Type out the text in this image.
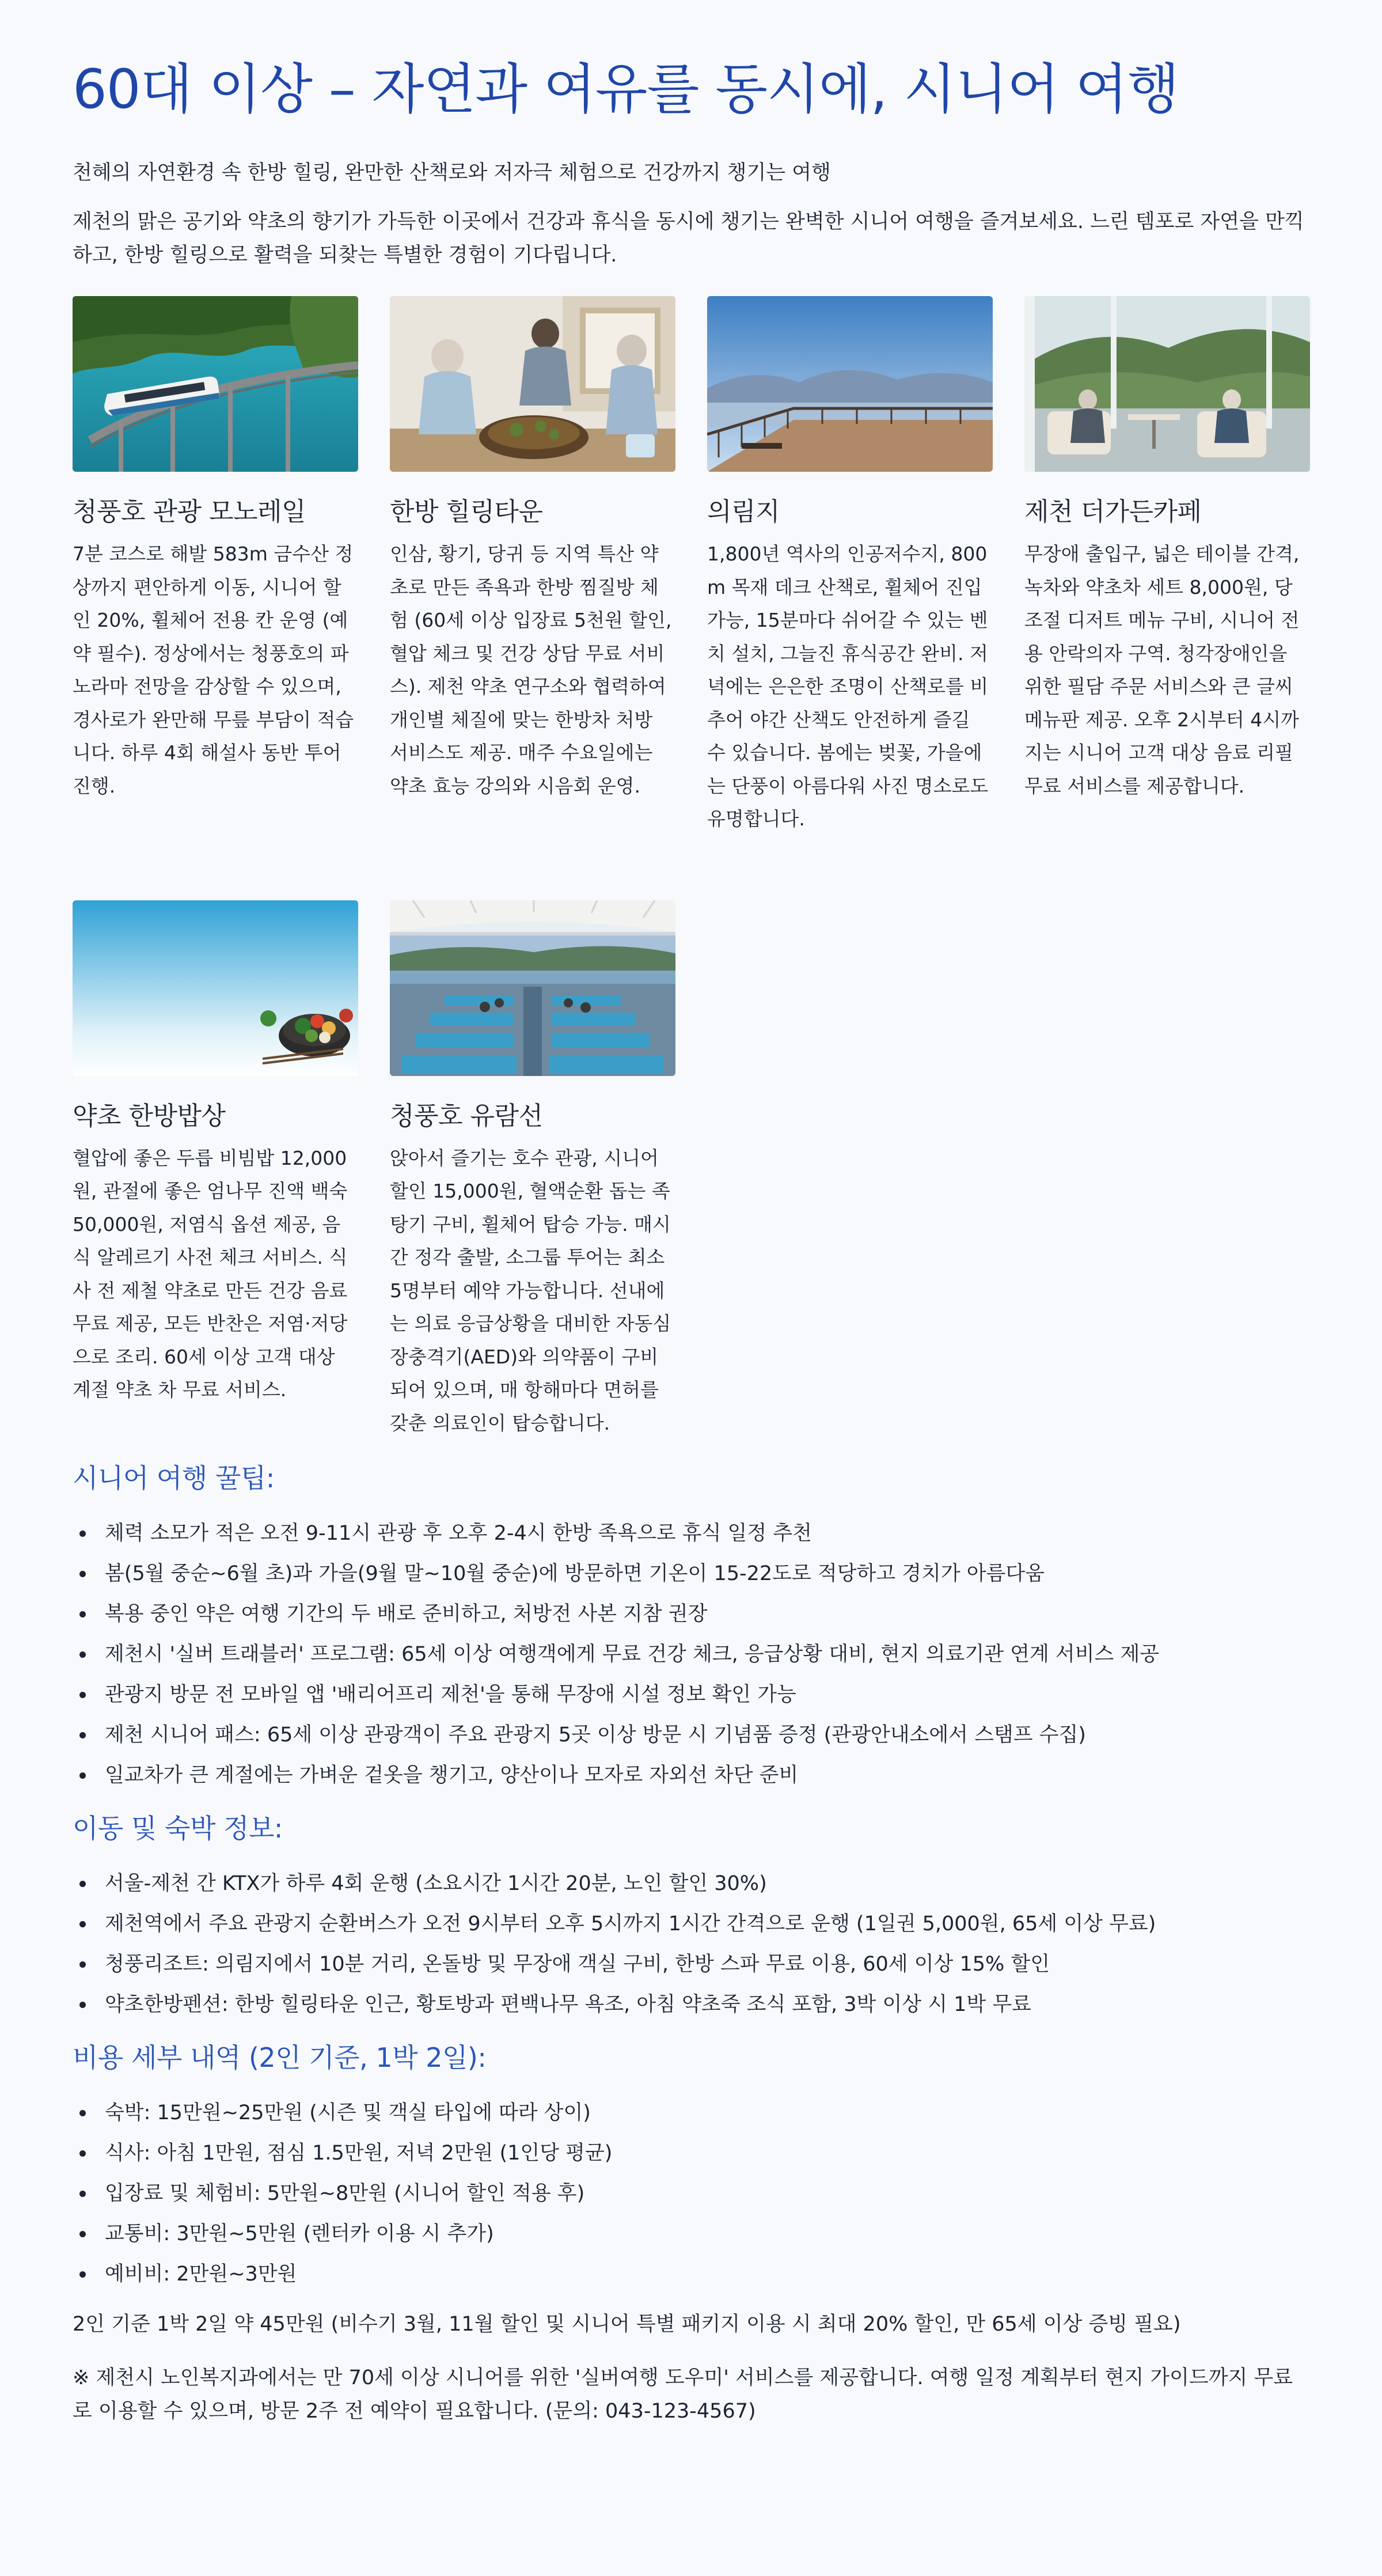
60대 이상 – 자연과 여유를 동시에, 시니어 여행

천혜의 자연환경 속 한방 힐링, 완만한 산책로와 저자극 체험으로 건강까지 챙기는 여행

제천의 맑은 공기와 약초의 향기가 가득한 이곳에서 건강과 휴식을 동시에 챙기는 완벽한 시니어 여행을 즐겨보세요. 느린 템포로 자연을 만끽하고, 한방 힐링으로 활력을 되찾는 특별한 경험이 기다립니다.

청풍호 관광 모노레일

7분 코스로 해발 583m 금수산 정상까지 편안하게 이동, 시니어 할인 20%, 휠체어 전용 칸 운영 (예약 필수). 정상에서는 청풍호의 파노라마 전망을 감상할 수 있으며, 경사로가 완만해 무릎 부담이 적습니다. 하루 4회 해설사 동반 투어 진행.

한방 힐링타운

인삼, 황기, 당귀 등 지역 특산 약초로 만든 족욕과 한방 찜질방 체험 (60세 이상 입장료 5천원 할인, 혈압 체크 및 건강 상담 무료 서비스). 제천 약초 연구소와 협력하여 개인별 체질에 맞는 한방차 처방 서비스도 제공. 매주 수요일에는 약초 효능 강의와 시음회 운영.

의림지

1,800년 역사의 인공저수지, 800m 목재 데크 산책로, 휠체어 진입 가능, 15분마다 쉬어갈 수 있는 벤치 설치, 그늘진 휴식공간 완비. 저녁에는 은은한 조명이 산책로를 비추어 야간 산책도 안전하게 즐길 수 있습니다. 봄에는 벚꽃, 가을에는 단풍이 아름다워 사진 명소로도 유명합니다.

제천 더가든카페

무장애 출입구, 넓은 테이블 간격, 녹차와 약초차 세트 8,000원, 당 조절 디저트 메뉴 구비, 시니어 전용 안락의자 구역. 청각장애인을 위한 필담 주문 서비스와 큰 글씨 메뉴판 제공. 오후 2시부터 4시까지는 시니어 고객 대상 음료 리필 무료 서비스를 제공합니다.

약초 한방밥상

혈압에 좋은 두릅 비빔밥 12,000원, 관절에 좋은 엄나무 진액 백숙 50,000원, 저염식 옵션 제공, 음식 알레르기 사전 체크 서비스. 식사 전 제철 약초로 만든 건강 음료 무료 제공, 모든 반찬은 저염·저당으로 조리. 60세 이상 고객 대상 계절 약초 차 무료 서비스.

청풍호 유람선

앉아서 즐기는 호수 관광, 시니어 할인 15,000원, 혈액순환 돕는 족탕기 구비, 휠체어 탑승 가능. 매시간 정각 출발, 소그룹 투어는 최소 5명부터 예약 가능합니다. 선내에는 의료 응급상황을 대비한 자동심장충격기(AED)와 의약품이 구비되어 있으며, 매 항해마다 면허를 갖춘 의료인이 탑승합니다.

시니어 여행 꿀팁:
체력 소모가 적은 오전 9-11시 관광 후 오후 2-4시 한방 족욕으로 휴식 일정 추천
봄(5월 중순~6월 초)과 가을(9월 말~10월 중순)에 방문하면 기온이 15-22도로 적당하고 경치가 아름다움
복용 중인 약은 여행 기간의 두 배로 준비하고, 처방전 사본 지참 권장
제천시 '실버 트래블러' 프로그램: 65세 이상 여행객에게 무료 건강 체크, 응급상황 대비, 현지 의료기관 연계 서비스 제공
관광지 방문 전 모바일 앱 '배리어프리 제천'을 통해 무장애 시설 정보 확인 가능
제천 시니어 패스: 65세 이상 관광객이 주요 관광지 5곳 이상 방문 시 기념품 증정 (관광안내소에서 스탬프 수집)
일교차가 큰 계절에는 가벼운 겉옷을 챙기고, 양산이나 모자로 자외선 차단 준비
이동 및 숙박 정보:
서울-제천 간 KTX가 하루 4회 운행 (소요시간 1시간 20분, 노인 할인 30%)
제천역에서 주요 관광지 순환버스가 오전 9시부터 오후 5시까지 1시간 간격으로 운행 (1일권 5,000원, 65세 이상 무료)
청풍리조트: 의림지에서 10분 거리, 온돌방 및 무장애 객실 구비, 한방 스파 무료 이용, 60세 이상 15% 할인
약초한방펜션: 한방 힐링타운 인근, 황토방과 편백나무 욕조, 아침 약초죽 조식 포함, 3박 이상 시 1박 무료
비용 세부 내역 (2인 기준, 1박 2일):
숙박: 15만원~25만원 (시즌 및 객실 타입에 따라 상이)
식사: 아침 1만원, 점심 1.5만원, 저녁 2만원 (1인당 평균)
입장료 및 체험비: 5만원~8만원 (시니어 할인 적용 후)
교통비: 3만원~5만원 (렌터카 이용 시 추가)
예비비: 2만원~3만원

2인 기준 1박 2일 약 45만원 (비수기 3월, 11월 할인 및 시니어 특별 패키지 이용 시 최대 20% 할인, 만 65세 이상 증빙 필요)

※ 제천시 노인복지과에서는 만 70세 이상 시니어를 위한 '실버여행 도우미' 서비스를 제공합니다. 여행 일정 계획부터 현지 가이드까지 무료로 이용할 수 있으며, 방문 2주 전 예약이 필요합니다. (문의: 043-123-4567)
